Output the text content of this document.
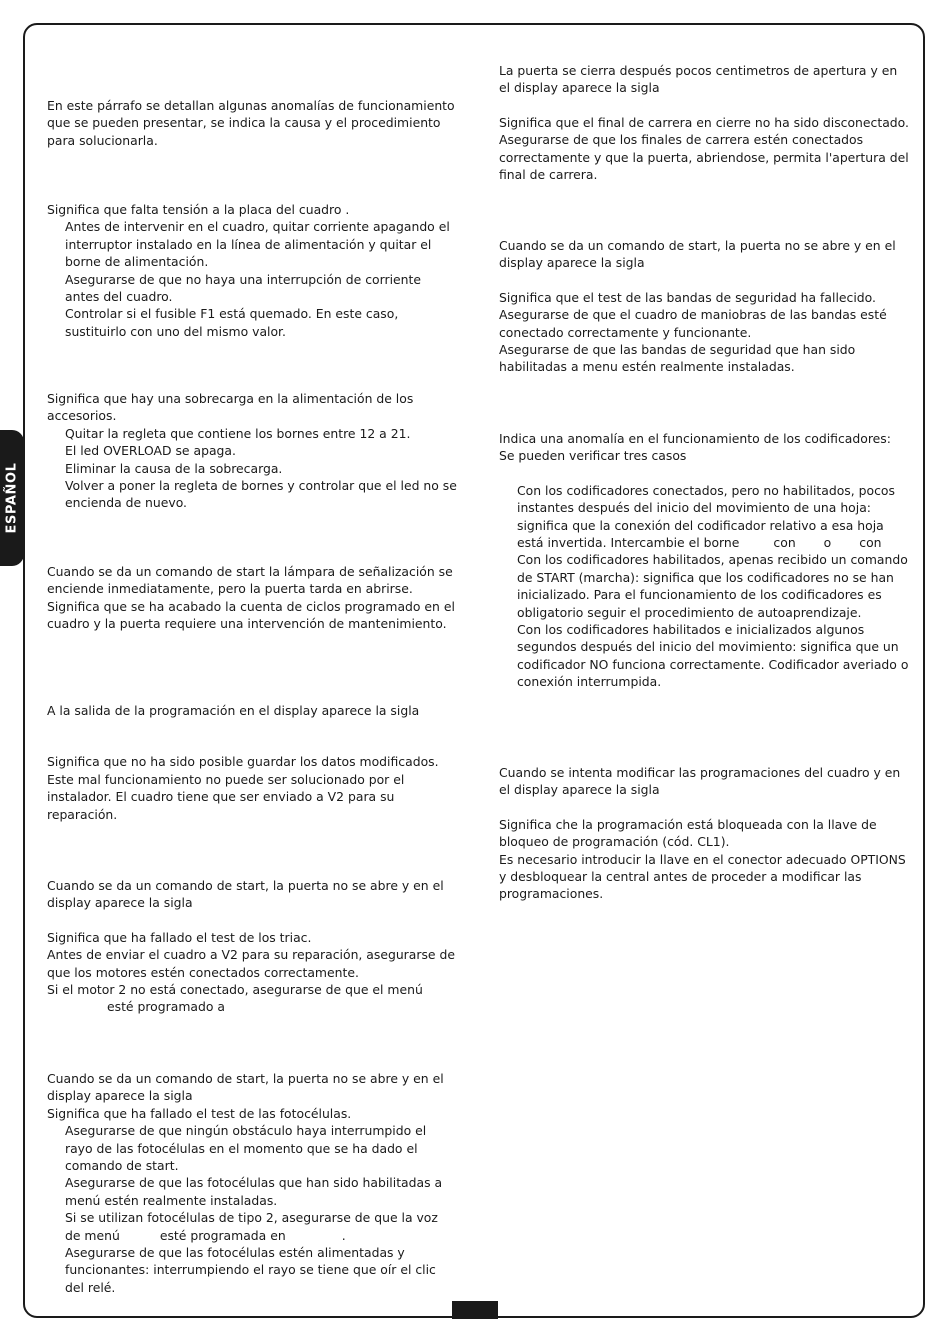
ESPAÑOL

En este párrafo se detallan algunas anomalías de funcionamiento que se pueden presentar, se indica la causa y el procedimiento para solucionarla.

Significa que falta tensión a la placa del cuadro .

Antes de intervenir en el cuadro, quitar corriente apagando el interruptor instalado en la línea de alimentación y quitar el borne de alimentación.

Asegurarse de que no haya una interrupción de corriente antes del cuadro.

Controlar si el fusible F1 está quemado. En este caso, sustituirlo con uno del mismo valor.

Significa que hay una sobrecarga en la alimentación de los accesorios.

Quitar la regleta que contiene los bornes entre 12 a 21.

El led OVERLOAD se apaga.

Eliminar la causa de la sobrecarga.

Volver a poner la regleta de bornes y controlar que el led no se encienda de nuevo.

Cuando se da un comando de start la lámpara de señalización se enciende inmediatamente, pero la puerta tarda en abrirse.

Significa que se ha acabado la cuenta de ciclos programado en el cuadro y la puerta requiere una intervención de mantenimiento.

A la salida de la programación en el display aparece la sigla

Significa que no ha sido posible guardar los datos modificados. Este mal funcionamiento no puede ser solucionado por el instalador. El cuadro tiene que ser enviado a V2 para su reparación.

Cuando se da un comando de start, la puerta no se abre y en el display aparece la sigla

Significa que ha fallado el test de los triac.

Antes de enviar el cuadro a V2 para su reparación, asegurarse de que los motores estén conectados correctamente.

Si el motor 2 no está conectado, asegurarse de que el menú
esté programado a

Cuando se da un comando de start, la puerta no se abre y en el display aparece la sigla

Significa que ha fallado el test de las fotocélulas.

Asegurarse de que ningún obstáculo haya interrumpido el rayo de las fotocélulas en el momento que se ha dado el comando de start.

Asegurarse de que las fotocélulas que han sido habilitadas a menú estén realmente instaladas.

Si se utilizan fotocélulas de tipo 2, asegurarse de que la voz
de menú	esté programada en	.

Asegurarse de que las fotocélulas estén alimentadas y funcionantes: interrumpiendo el rayo se tiene que oír el clic del relé.

La puerta se cierra después pocos centimetros de apertura y en el display aparece la sigla

Significa que el final de carrera en cierre no ha sido disconectado. Asegurarse de que los finales de carrera estén conectados correctamente y que la puerta, abriendose, permita l'apertura del final de carrera.

Cuando se da un comando de start, la puerta no se abre y en el display aparece la sigla

Significa que el test de las bandas de seguridad ha fallecido. Asegurarse de que el cuadro de maniobras de las bandas esté conectado correctamente y funcionante.

Asegurarse de que las bandas de seguridad que han sido habilitadas a menu estén realmente instaladas.

Indica una anomalía en el funcionamiento de los codificadores:

Se pueden verificar tres casos

Con los codificadores conectados, pero no habilitados, pocos instantes después del inicio del movimiento de una hoja: significa que la conexión del codificador relativo a esa hoja está invertida. Intercambie el borne	con o con

Con los codificadores habilitados, apenas recibido un comando de START (marcha): significa que los codificadores no se han inicializado. Para el funcionamiento de los codificadores es obligatorio seguir el procedimiento de autoaprendizaje.

Con los codificadores habilitados e inicializados algunos segundos después del inicio del movimiento: significa que un codificador NO funciona correctamente. Codificador averiado o conexión interrumpida.

Cuando se intenta modificar las programaciones del cuadro y en el display aparece la sigla

Significa che la programación está bloqueada con la llave de bloqueo de programación (cód. CL1).

Es necesario introducir la llave en el conector adecuado OPTIONS y desbloquear la central antes de proceder a modificar las programaciones.
